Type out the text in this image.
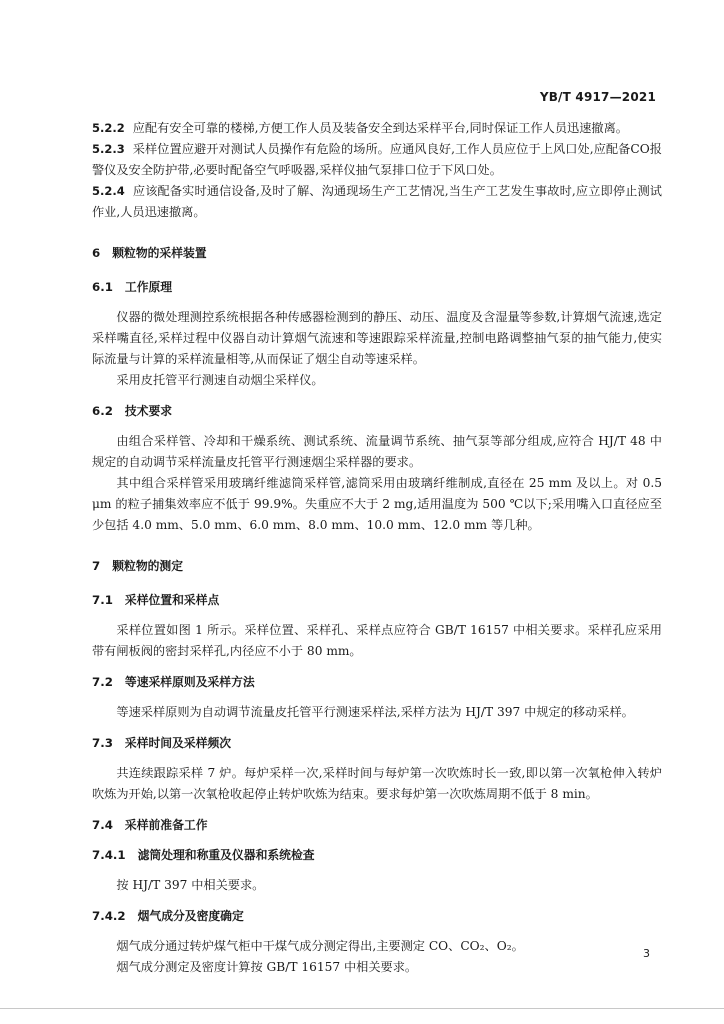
YB/T 4917—2021

5.2.2 应配有安全可靠的楼梯,方便工作人员及装备安全到达采样平台,同时保证工作人员迅速撤离。

5.2.3 采样位置应避开对测试人员操作有危险的场所。应通风良好,工作人员应位于上风口处,应配备CO报警仪及安全防护带,必要时配备空气呼吸器,采样仪抽气泵排口位于下风口处。

5.2.4 应该配备实时通信设备,及时了解、沟通现场生产工艺情况,当生产工艺发生事故时,应立即停止测试作业,人员迅速撤离。

6 颗粒物的采样装置
6.1 工作原理

仪器的微处理测控系统根据各种传感器检测到的静压、动压、温度及含湿量等参数,计算烟气流速,选定采样嘴直径,采样过程中仪器自动计算烟气流速和等速跟踪采样流量,控制电路调整抽气泵的抽气能力,使实际流量与计算的采样流量相等,从而保证了烟尘自动等速采样。

采用皮托管平行测速自动烟尘采样仪。

6.2 技术要求

由组合采样管、冷却和干燥系统、测试系统、流量调节系统、抽气泵等部分组成,应符合 HJ/T 48 中规定的自动调节采样流量皮托管平行测速烟尘采样器的要求。

其中组合采样管采用玻璃纤维滤筒采样管,滤筒采用由玻璃纤维制成,直径在 25 mm 及以上。对 0.5 μm 的粒子捕集效率应不低于 99.9%。失重应不大于 2 mg,适用温度为 500 ℃以下;采用嘴入口直径应至少包括 4.0 mm、5.0 mm、6.0 mm、8.0 mm、10.0 mm、12.0 mm 等几种。

7 颗粒物的测定
7.1 采样位置和采样点

采样位置如图 1 所示。采样位置、采样孔、采样点应符合 GB/T 16157 中相关要求。采样孔应采用带有闸板阀的密封采样孔,内径应不小于 80 mm。

7.2 等速采样原则及采样方法

等速采样原则为自动调节流量皮托管平行测速采样法,采样方法为 HJ/T 397 中规定的移动采样。

7.3 采样时间及采样频次

共连续跟踪采样 7 炉。每炉采样一次,采样时间与每炉第一次吹炼时长一致,即以第一次氧枪伸入转炉吹炼为开始,以第一次氧枪收起停止转炉吹炼为结束。要求每炉第一次吹炼周期不低于 8 min。

7.4 采样前准备工作
7.4.1 滤筒处理和称重及仪器和系统检查

按 HJ/T 397 中相关要求。

7.4.2 烟气成分及密度确定

烟气成分通过转炉煤气柜中干煤气成分测定得出,主要测定 CO、CO₂、O₂。

烟气成分测定及密度计算按 GB/T 16157 中相关要求。

3
